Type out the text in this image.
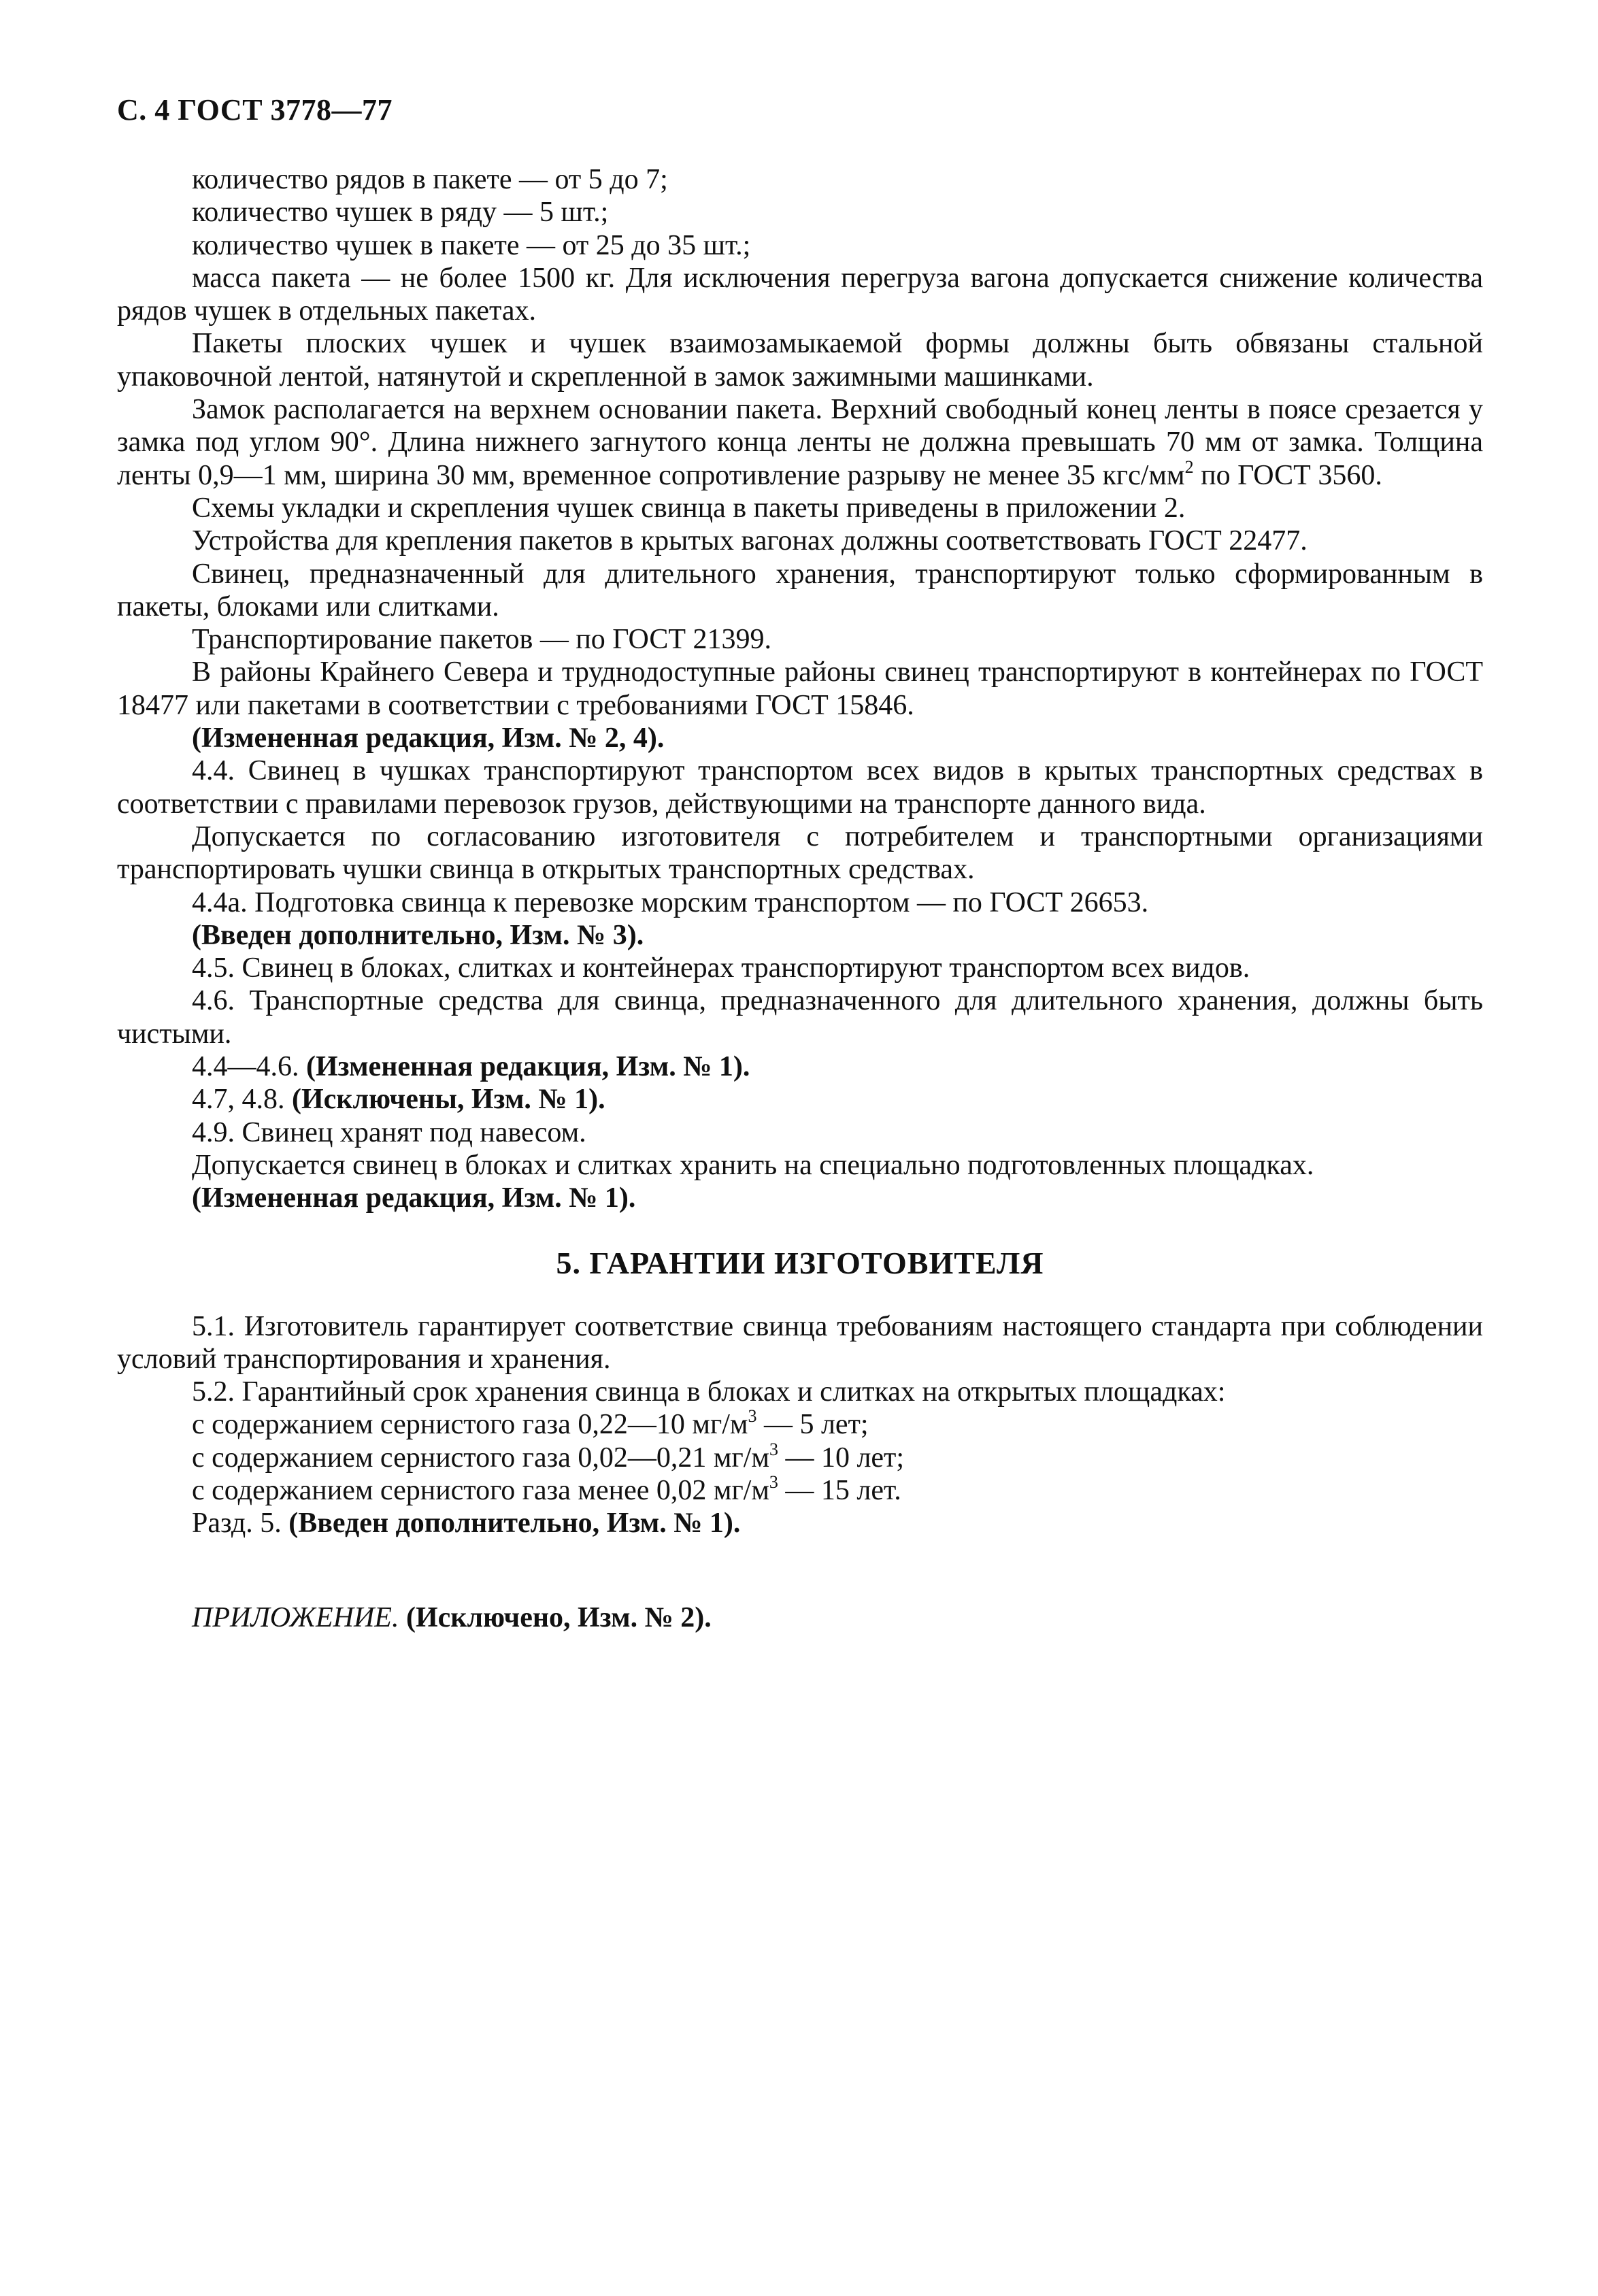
С. 4 ГОСТ 3778—77

количество рядов в пакете — от 5 до 7;

количество чушек в ряду — 5 шт.;

количество чушек в пакете — от 25 до 35 шт.;

масса пакета — не более 1500 кг. Для исключения перегруза вагона допускается снижение количества рядов чушек в отдельных пакетах.

Пакеты плоских чушек и чушек взаимозамыкаемой формы должны быть обвязаны стальной упаковочной лентой, натянутой и скрепленной в замок зажимными машинками.

Замок располагается на верхнем основании пакета. Верхний свободный конец ленты в поясе срезается у замка под углом 90°. Длина нижнего загнутого конца ленты не должна превышать 70 мм от замка. Толщина ленты 0,9—1 мм, ширина 30 мм, временное сопротивление разрыву не менее 35 кгс/$мм^2$ по ГОСТ 3560.

Схемы укладки и скрепления чушек свинца в пакеты приведены в приложении 2.

Устройства для крепления пакетов в крытых вагонах должны соответствовать ГОСТ 22477.

Свинец, предназначенный для длительного хранения, транспортируют только сформированным в пакеты, блоками или слитками.

Транспортирование пакетов — по ГОСТ 21399.

В районы Крайнего Севера и труднодоступные районы свинец транспортируют в контейнерах по ГОСТ 18477 или пакетами в соответствии с требованиями ГОСТ 15846.

(Измененная редакция, Изм. № 2, 4).

4.4. Свинец в чушках транспортируют транспортом всех видов в крытых транспортных средствах в соответствии с правилами перевозок грузов, действующими на транспорте данного вида.

Допускается по согласованию изготовителя с потребителем и транспортными организациями транспортировать чушки свинца в открытых транспортных средствах.

4.4а. Подготовка свинца к перевозке морским транспортом — по ГОСТ 26653.

(Введен дополнительно, Изм. № 3).

4.5. Свинец в блоках, слитках и контейнерах транспортируют транспортом всех видов.

4.6. Транспортные средства для свинца, предназначенного для длительного хранения, должны быть чистыми.

4.4—4.6. (Измененная редакция, Изм. № 1).

4.7, 4.8. (Исключены, Изм. № 1).

4.9. Свинец хранят под навесом.

Допускается свинец в блоках и слитках хранить на специально подготовленных площадках.

(Измененная редакция, Изм. № 1).

5. ГАРАНТИИ ИЗГОТОВИТЕЛЯ

5.1. Изготовитель гарантирует соответствие свинца требованиям настоящего стандарта при соблюдении условий транспортирования и хранения.

5.2. Гарантийный срок хранения свинца в блоках и слитках на открытых площадках:

с содержанием сернистого газа 0,22—10 $мг/м^3$ — 5 лет;

с содержанием сернистого газа 0,02—0,21 $мг/м^3$ — 10 лет;

с содержанием сернистого газа менее 0,02 $мг/м^3$ — 15 лет.

Разд. 5. (Введен дополнительно, Изм. № 1).

ПРИЛОЖЕНИЕ. (Исключено, Изм. № 2).
